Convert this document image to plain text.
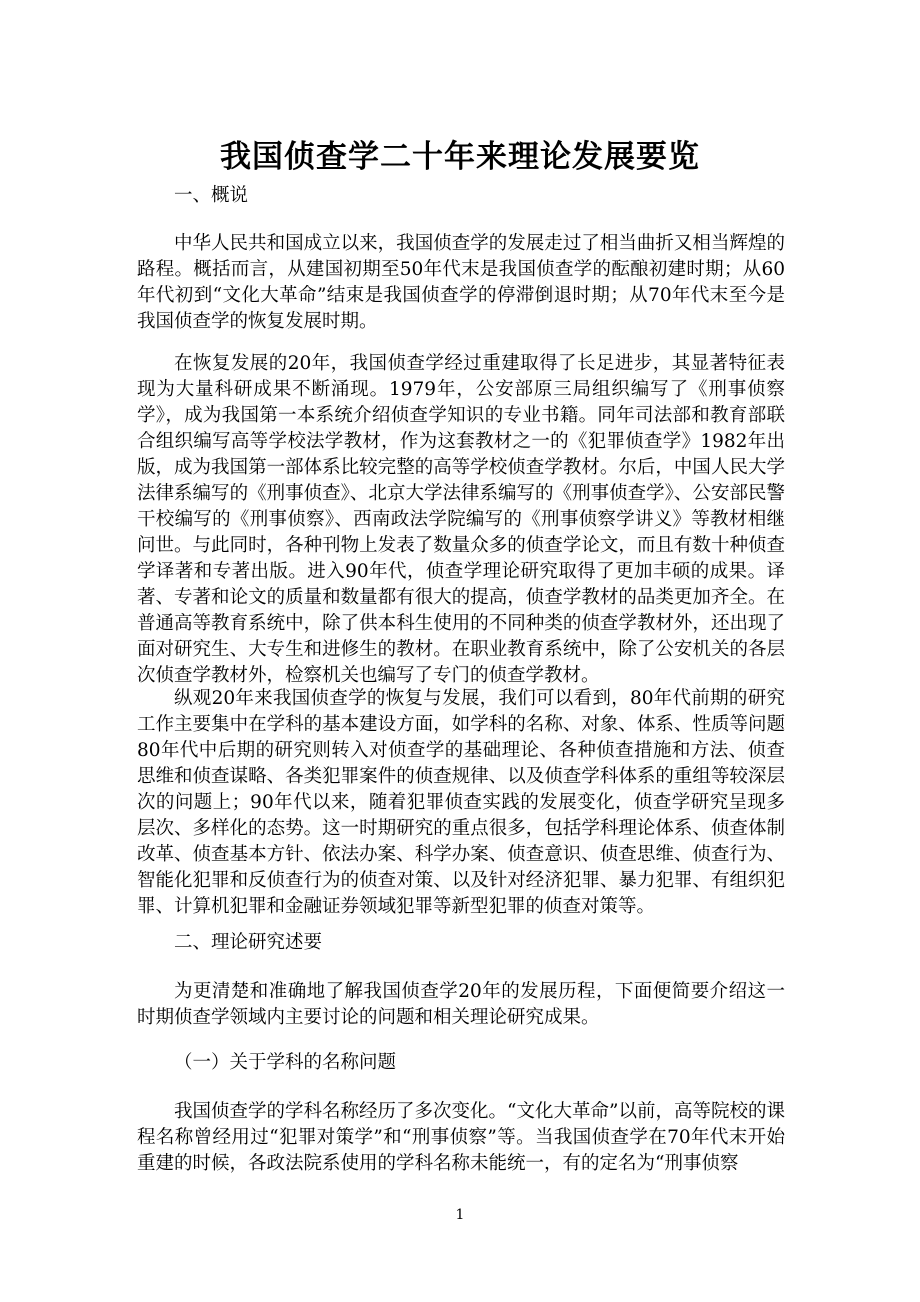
我国侦查学二十年来理论发展要览

一、概说

中华人民共和国成立以来，我国侦查学的发展走过了相当曲折又相当辉煌的路程。概括而言，从建国初期至50年代末是我国侦查学的酝酿初建时期；从60年代初到“文化大革命”结束是我国侦查学的停滞倒退时期；从70年代末至今是我国侦查学的恢复发展时期。

在恢复发展的20年，我国侦查学经过重建取得了长足进步，其显著特征表现为大量科研成果不断涌现。1979年，公安部原三局组织编写了《刑事侦察学》，成为我国第一本系统介绍侦查学知识的专业书籍。同年司法部和教育部联合组织编写高等学校法学教材，作为这套教材之一的《犯罪侦查学》1982年出版，成为我国第一部体系比较完整的高等学校侦查学教材。尔后，中国人民大学法律系编写的《刑事侦查》、北京大学法律系编写的《刑事侦查学》、公安部民警干校编写的《刑事侦察》、西南政法学院编写的《刑事侦察学讲义》等教材相继问世。与此同时，各种刊物上发表了数量众多的侦查学论文，而且有数十种侦查学译著和专著出版。进入90年代，侦查学理论研究取得了更加丰硕的成果。译著、专著和论文的质量和数量都有很大的提高，侦查学教材的品类更加齐全。在普通高等教育系统中，除了供本科生使用的不同种类的侦查学教材外，还出现了面对研究生、大专生和进修生的教材。在职业教育系统中，除了公安机关的各层次侦查学教材外，检察机关也编写了专门的侦查学教材。

纵观20年来我国侦查学的恢复与发展，我们可以看到，80年代前期的研究工作主要集中在学科的基本建设方面，如学科的名称、对象、体系、性质等问题80年代中后期的研究则转入对侦查学的基础理论、各种侦查措施和方法、侦查思维和侦查谋略、各类犯罪案件的侦查规律、以及侦查学科体系的重组等较深层次的问题上；90年代以来，随着犯罪侦查实践的发展变化，侦查学研究呈现多层次、多样化的态势。这一时期研究的重点很多，包括学科理论体系、侦查体制改革、侦查基本方针、依法办案、科学办案、侦查意识、侦查思维、侦查行为、智能化犯罪和反侦查行为的侦查对策、以及针对经济犯罪、暴力犯罪、有组织犯罪、计算机犯罪和金融证券领域犯罪等新型犯罪的侦查对策等。

二、理论研究述要

为更清楚和准确地了解我国侦查学20年的发展历程，下面便简要介绍这一时期侦查学领域内主要讨论的问题和相关理论研究成果。

（一）关于学科的名称问题

我国侦查学的学科名称经历了多次变化。“文化大革命”以前，高等院校的课程名称曾经用过“犯罪对策学”和“刑事侦察”等。当我国侦查学在70年代末开始重建的时候，各政法院系使用的学科名称未能统一，有的定名为“刑事侦察

1
